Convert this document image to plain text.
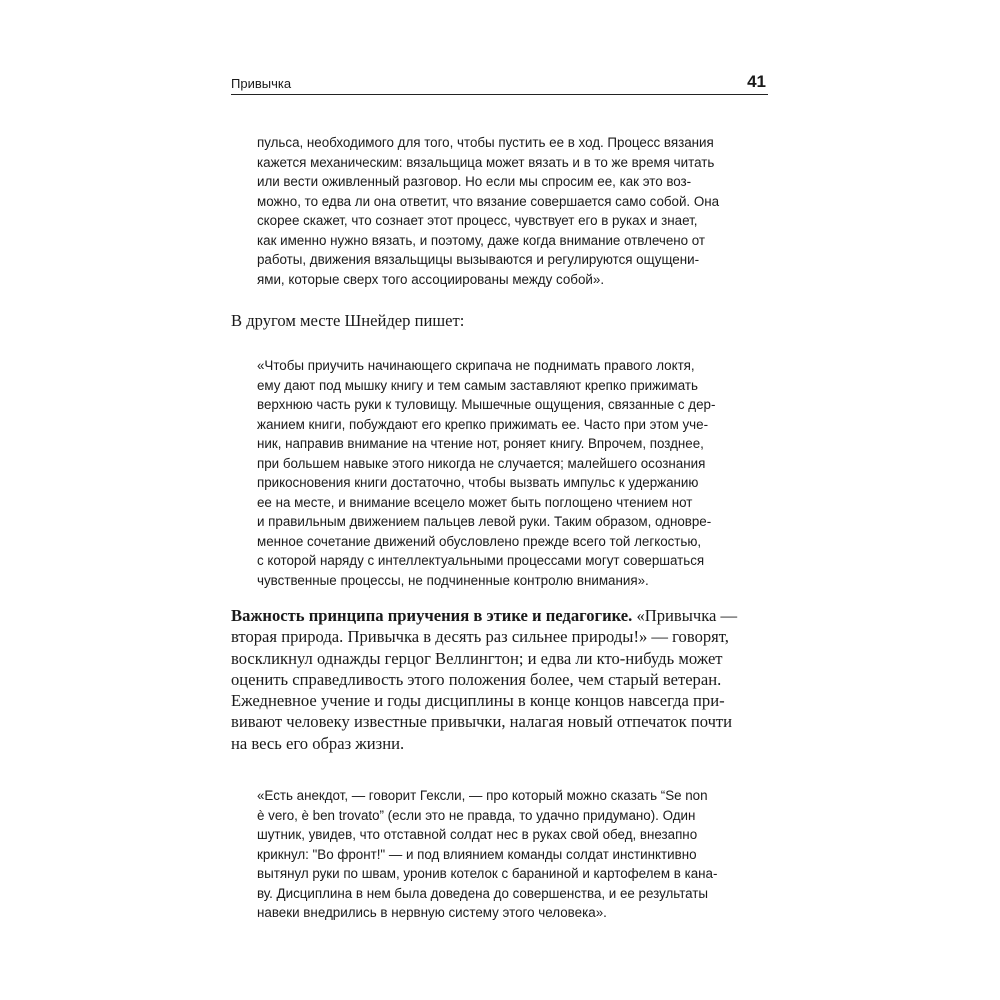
Привычка	41
пульса, необходимого для того, чтобы пустить ее в ход. Процесс вязания
кажется механическим: вязальщица может вязать и в то же время читать
или вести оживленный разговор. Но если мы спросим ее, как это воз-
можно, то едва ли она ответит, что вязание совершается само собой. Она
скорее скажет, что сознает этот процесс, чувствует его в руках и знает,
как именно нужно вязать, и поэтому, даже когда внимание отвлечено от
работы, движения вязальщицы вызываются и регулируются ощущени-
ями, которые сверх того ассоциированы между собой».
В другом месте Шнейдер пишет:
«Чтобы приучить начинающего скрипача не поднимать правого локтя,
ему дают под мышку книгу и тем самым заставляют крепко прижимать
верхнюю часть руки к туловищу. Мышечные ощущения, связанные с дер-
жанием книги, побуждают его крепко прижимать ее. Часто при этом уче-
ник, направив внимание на чтение нот, роняет книгу. Впрочем, позднее,
при большем навыке этого никогда не случается; малейшего осознания
прикосновения книги достаточно, чтобы вызвать импульс к удержанию
ее на месте, и внимание всецело может быть поглощено чтением нот
и правильным движением пальцев левой руки. Таким образом, одновре-
менное сочетание движений обусловлено прежде всего той легкостью,
с которой наряду с интеллектуальными процессами могут совершаться
чувственные процессы, не подчиненные контролю внимания».
Важность принципа приучения в этике и педагогике. «Привычка —
вторая природа. Привычка в десять раз сильнее природы!» — говорят,
воскликнул однажды герцог Веллингтон; и едва ли кто-нибудь может
оценить справедливость этого положения более, чем старый ветеран.
Ежедневное учение и годы дисциплины в конце концов навсегда при-
вивают человеку известные привычки, налагая новый отпечаток почти
на весь его образ жизни.
«Есть анекдот, — говорит Гексли, — про который можно сказать “Se non
è vero, è ben trovato” (если это не правда, то удачно придумано). Один
шутник, увидев, что отставной солдат нес в руках свой обед, внезапно
крикнул: "Во фронт!" — и под влиянием команды солдат инстинктивно
вытянул руки по швам, уронив котелок с бараниной и картофелем в кана-
ву. Дисциплина в нем была доведена до совершенства, и ее результаты
навеки внедрились в нервную систему этого человека».
